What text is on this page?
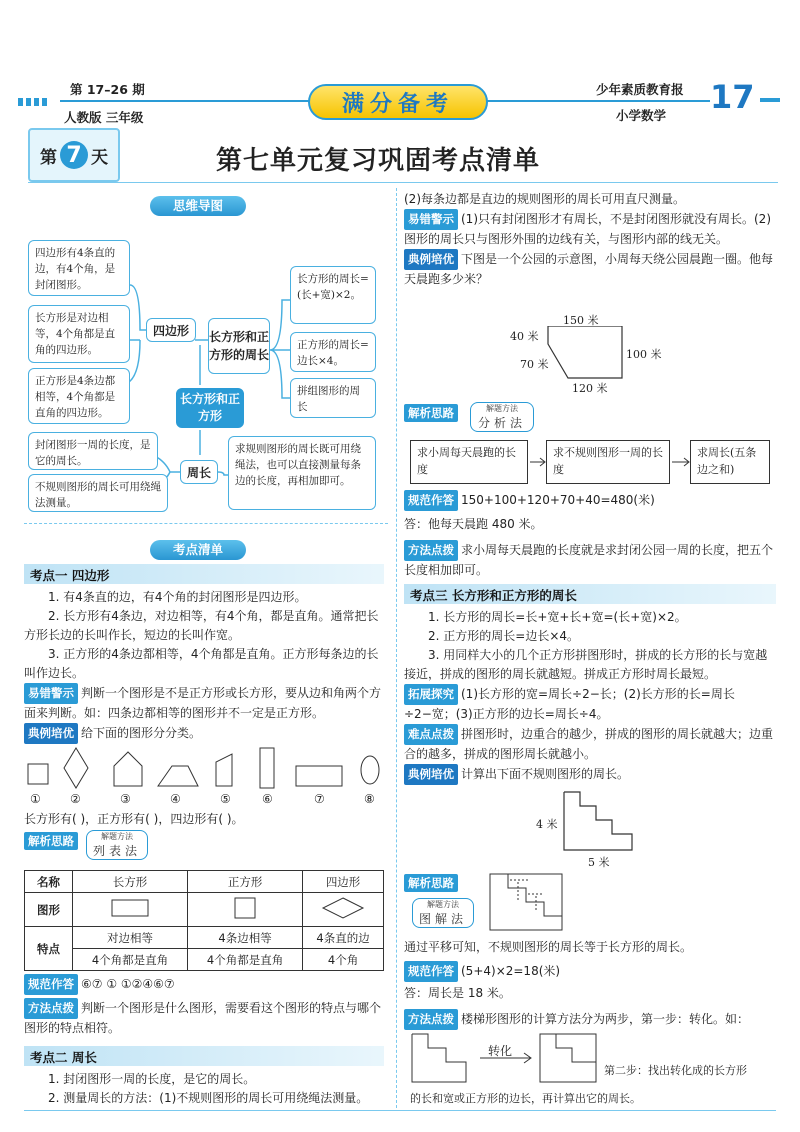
第 17–26 期
人教版 三年级
满分备考
少年素质教育报
小学数学 17
第 7 天	第七单元复习巩固考点清单
思维导图
四边形有4条直的边，有4个角，是封闭图形。
长方形是对边相等，4个角都是直角的四边形。
正方形是4条边都相等，4个角都是直角的四边形。
封闭图形一周的长度，是它的周长。
不规则图形的周长可用绕绳法测量。
四边形	长方形和正方形的周长
长方形和正方形
周长
长方形的周长=(长+宽)×2。
正方形的周长=边长×4。
拼组图形的周长
求规则图形的周长既可用绕绳法，也可以直接测量每条边的长度，再相加即可。
考点清单
考点一 四边形
1. 有4条直的边，有4个角的封闭图形是四边形。
2. 长方形有4条边，对边相等，有4个角，都是直角。通常把长方形长边的长叫作长，短边的长叫作宽。
3. 正方形的4条边都相等，4个角都是直角。正方形每条边的长叫作边长。
易错警示 判断一个图形是不是正方形或长方形，要从边和角两个方面来判断。如：四条边都相等的图形并不一定是正方形。
典例培优 给下面的图形分分类。
① ②	③	④	⑤	⑥	⑦	⑧
长方形有( )，正方形有( )，四边形有( )。
解析思路	解题方法
列表法
名称	长方形	正方形	四边形
图形			
特点	对边相等	4条边相等	4条直的边
	4个角都是直角	4个角都是直角	4个角
规范作答 ⑥⑦ ① ①②④⑥⑦
方法点拨 判断一个图形是什么图形，需要看这个图形的特点与哪个图形的特点相符。
考点二 周长
1. 封闭图形一周的长度，是它的周长。
2. 测量周长的方法：(1)不规则图形的周长可用绕绳法测量。
(2)每条边都是直边的规则图形的周长可用直尺测量。
易错警示 (1)只有封闭图形才有周长，不是封闭图形就没有周长。(2)图形的周长只与图形外围的边线有关，与图形内部的线无关。
典例培优 下图是一个公园的示意图，小周每天绕公园晨跑一圈。他每天晨跑多少米？
150 米
40 米
100 米
70 米
120 米
解析思路	解题方法
分析法
求小周每天晨跑的长度
求不规则图形一周的长度
求周长(五条边之和)
规范作答 150+100+120+70+40=480(米)
答：他每天晨跑 480 米。
方法点拨 求小周每天晨跑的长度就是求封闭公园一周的长度，把五个长度相加即可。
考点三 长方形和正方形的周长
1. 长方形的周长=长+宽+长+宽=(长+宽)×2。
2. 正方形的周长=边长×4。
3. 用同样大小的几个正方形拼图形时，拼成的长方形的长与宽越接近，拼成的图形的周长就越短。拼成正方形时周长最短。
拓展探究 (1)长方形的宽=周长÷2−长；(2)长方形的长=周长÷2−宽；(3)正方形的边长=周长÷4。
难点点拨 拼图形时，边重合的越少，拼成的图形的周长就越大；边重合的越多，拼成的图形周长就越小。
典例培优 计算出下面不规则图形的周长。
4 米
5 米
解析思路
解题方法
图解法
通过平移可知，不规则图形的周长等于长方形的周长。
规范作答 (5+4)×2=18(米)
答：周长是 18 米。
方法点拨 楼梯形图形的计算方法分为两步，第一步：转化。如：
转化
第二步：找出转化成的长方形
的长和宽或正方形的边长，再计算出它的周长。
